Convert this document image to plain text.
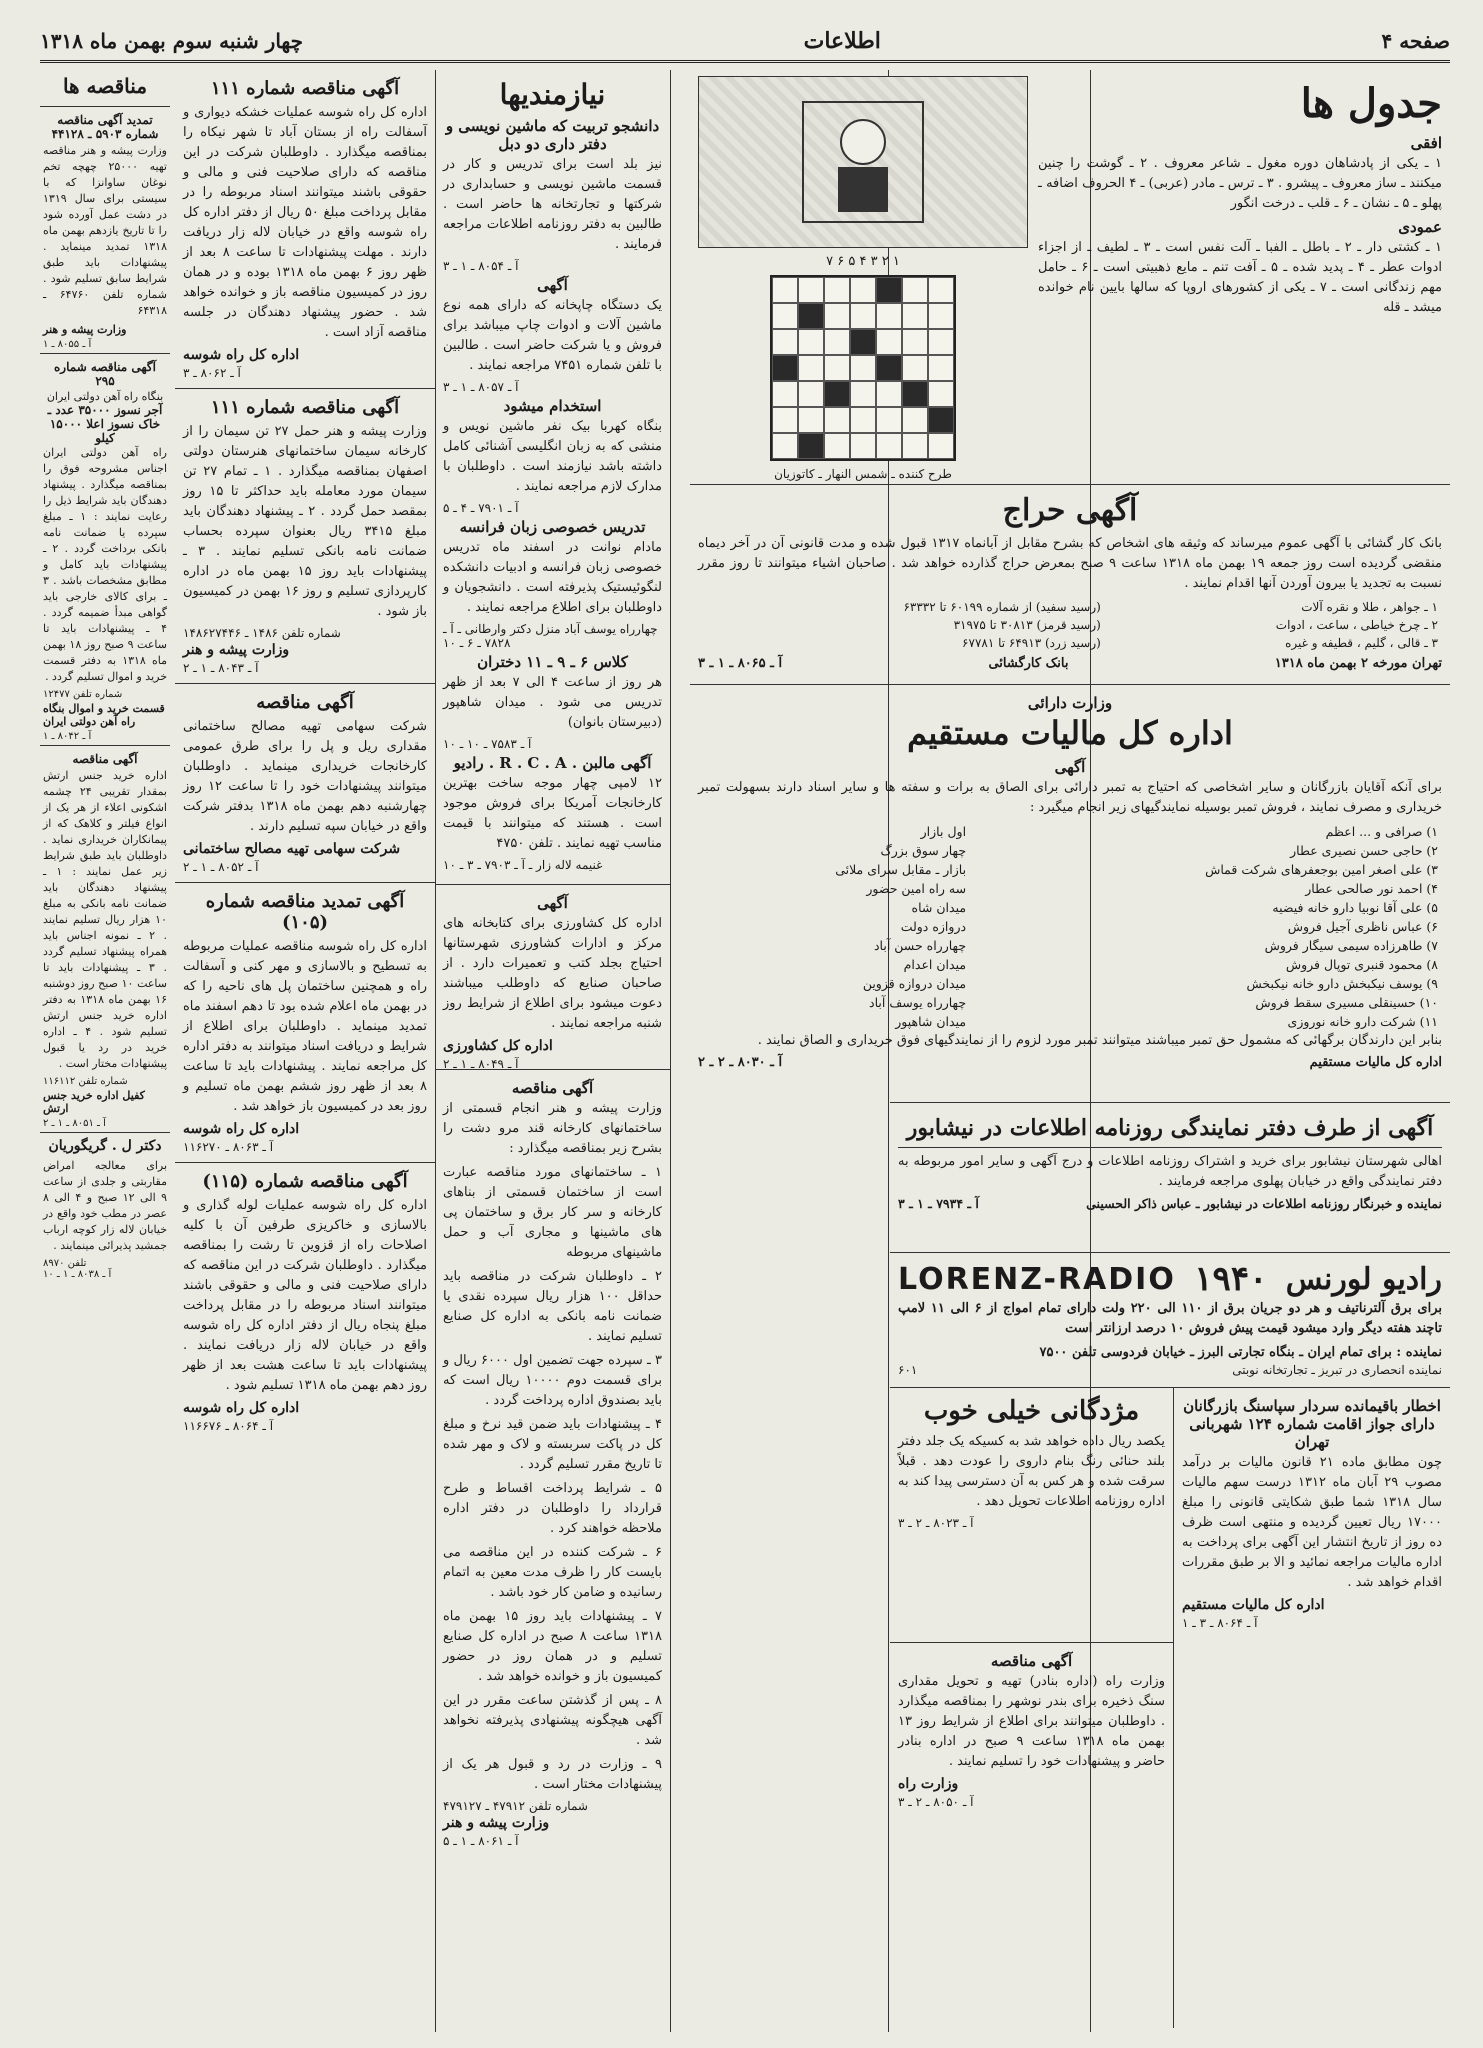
صفحه ۴
اطلاعات
چهار شنبه سوم بهمن ماه ۱۳۱۸
جدول ها
افقی

۱ ـ یکی از پادشاهان دوره مغول ـ شاعر معروف . ۲ ـ گوشت را چنین میکنند ـ ساز معروف ـ پیشرو . ۳ ـ ترس ـ مادر (عربی) ـ ۴ الحروف اضافه ـ پهلو ـ ۵ ـ نشان ـ ۶ ـ قلب ـ درخت انگور

عمودی

۱ ـ کشتی دار ـ ۲ ـ باطل ـ الفبا ـ آلت نفس است ـ ۳ ـ لطیف ـ از اجزاء ادوات عطر ـ ۴ ـ پدید شده ـ ۵ ـ آفت تنم ـ مایع ذهبیتی است ـ ۶ ـ حامل مهم زندگانی است ـ ۷ ـ یکی از کشورهای اروپا که سالها بایین نام خوانده میشد ـ قله

۷ ۶ ۵ ۴ ۳ ۲ ۱
طرح کننده ـ شمس النهار ـ کاتوزیان
آگهی حراج

بانک کار گشائی با آگهی عموم میرساند که وثیقه های اشخاص که بشرح مقابل از آبانماه ۱۳۱۷ قبول شده و مدت قانونی آن در آخر دیماه منقضی گردیده است روز جمعه ۱۹ بهمن ماه ۱۳۱۸ ساعت ۹ صبح بمعرض حراج گذارده خواهد شد . صاحبان اشیاء میتوانند تا روز مقرر نسبت به تجدید یا بیرون آوردن آنها اقدام نمایند .

۱ ـ جواهر ، طلا و نقره آلات	(رسید سفید) از شماره ۶۰۱۹۹ تا ۶۳۳۳۲
۲ ـ چرخ خیاطی ، ساعت ، ادوات	(رسید قرمز) ۳۰۸۱۳ تا ۳۱۹۷۵
۳ ـ قالی ، گلیم ، قطیفه و غیره	(رسید زرد) ۶۴۹۱۳ تا ۶۷۷۸۱
تهران مورخه ۲ بهمن ماه ۱۳۱۸
بانک کارگشائی
آ ـ ۸۰۶۵ ـ ۱ ـ ۳
وزارت دارائی
اداره کل مالیات مستقیم
آگهی

برای آنکه آقایان بازرگانان و سایر اشخاصی که احتیاج به تمبر دارائی برای الصاق به برات و سفته ها و سایر اسناد دارند بسهولت تمبر خریداری و مصرف نمایند ، فروش تمبر بوسیله نمایندگیهای زیر انجام میگیرد :

۱) صرافی و ... اعظم	اول بازار
۲) حاجی حسن نصیری عطار	چهار سوق بزرگ
۳) علی اصغر امین بوجعفرهای شرکت قماش	بازار ـ مقابل سرای ملائی
۴) احمد نور صالحی عطار	سه راه امین حضور
۵) علی آقا نوبیا دارو خانه فیضیه	میدان شاه
۶) عباس ناظری آجیل فروش	دروازه دولت
۷) طاهرزاده سیمی سیگار فروش	چهارراه حسن آباد
۸) محمود قنبری توپال فروش	میدان اعدام
۹) یوسف نیکبخش دارو خانه نیکبخش	میدان دروازه قزوین
۱۰) حسینقلی مسیری سقط فروش	چهارراه یوسف آباد
۱۱) شرکت دارو خانه نوروزی	میدان شاهپور

بنابر این دارندگان برگهائی که مشمول حق تمبر میباشند میتوانند تمبر مورد لزوم را از نمایندگیهای فوق خریداری و الصاق نمایند .

اداره کل مالیات مستقیم
آ ـ ۸۰۳۰ ـ ۲ ـ ۲
آگهی از طرف دفتر نمایندگی روزنامه اطلاعات در نیشابور

اهالی شهرستان نیشابور برای خرید و اشتراک روزنامه اطلاعات و درج آگهی و سایر امور مربوطه به دفتر نمایندگی واقع در خیابان پهلوی مراجعه فرمایند .

نماینده و خبرنگار روزنامه اطلاعات در نیشابور ـ عباس ذاکر الحسینی
آ ـ ۷۹۳۴ ـ ۱ ـ ۳
رادیو لورنس
۱۹۴۰
LORENZ-RADIO

برای برق آلترناتیف و هر دو جریان برق از ۱۱۰ الی ۲۲۰ ولت دارای تمام امواج از ۶ الی ۱۱ لامپ تاچند هفته دیگر وارد میشود قیمت پیش فروش ۱۰ درصد ارزانتر است

نماینده : برای تمام ایران ـ بنگاه تجارتی البرز ـ خیابان فردوسی تلفن ۷۵۰۰

نماینده انحصاری در تبریز ـ تجارتخانه نوبتی
۶۰۱
اخطار باقیمانده سردار سپاسنگ بازرگانان دارای جواز اقامت شماره ۱۲۴ شهربانی تهران

چون مطابق ماده ۲۱ قانون مالیات بر درآمد مصوب ۲۹ آبان ماه ۱۳۱۲ درست سهم مالیات سال ۱۳۱۸ شما طبق شکایتی قانونی را مبلغ ۱۷۰۰۰ ریال تعیین گردیده و منتهی است ظرف ده روز از تاریخ انتشار این آگهی برای پرداخت به اداره مالیات مراجعه نمائید و الا بر طبق مقررات اقدام خواهد شد .

اداره کل مالیات مستقیم
آ ـ ۸۰۶۴ ـ ۳ ـ ۱
مژدگانی خیلی خوب

یکصد ریال داده خواهد شد به کسیکه یک جلد دفتر بلند حنائی رنگ بنام داروی را عودت دهد . قبلاً سرقت شده و هر کس به آن دسترسی پیدا کند به اداره روزنامه اطلاعات تحویل دهد .

آ ـ ۸۰۲۳ ـ ۲ ـ ۳
آگهی مناقصه

وزارت راه (اداره بنادر) تهیه و تحویل مقداری سنگ ذخیره برای بندر نوشهر را بمناقصه میگذارد . داوطلبان میتوانند برای اطلاع از شرایط روز ۱۳ بهمن ماه ۱۳۱۸ ساعت ۹ صبح در اداره بنادر حاضر و پیشنهادات خود را تسلیم نمایند .

وزارت راه
آ ـ ۸۰۵۰ ـ ۲ ـ ۳
نیازمندیها
دانشجو تربیت که ماشین نویسی و دفتر داری دو دبل

نیز بلد است برای تدریس و کار در قسمت ماشین نویسی و حسابداری در شرکتها و تجارتخانه ها حاضر است . طالبین به دفتر روزنامه اطلاعات مراجعه فرمایند .

آ ـ ۸۰۵۴ ـ ۱ ـ ۳
آگهی

یک دستگاه چاپخانه که دارای همه نوع ماشین آلات و ادوات چاپ میباشد برای فروش و یا شرکت حاضر است . طالبین با تلفن شماره ۷۴۵۱ مراجعه نمایند .

آ ـ ۸۰۵۷ ـ ۱ ـ ۳
استخدام میشود

بنگاه کهربا بیک نفر ماشین نویس و منشی که به زبان انگلیسی آشنائی کامل داشته باشد نیازمند است . داوطلبان با مدارک لازم مراجعه نمایند .

آ ـ ۷۹۰۱ ـ ۴ ـ ۵
تدریس خصوصی زبان فرانسه

مادام نوانت در اسفند ماه تدریس خصوصی زبان فرانسه و ادبیات دانشکده لنگوئیستیک پذیرفته است . دانشجویان و داوطلبان برای اطلاع مراجعه نمایند .

چهارراه یوسف آباد منزل دکتر وارطانی ـ آ ـ ۷۸۲۸ ـ ۶ ـ ۱۰
کلاس ۶ ـ ۹ ـ ۱۱ دختران

هر روز از ساعت ۴ الی ۷ بعد از ظهر تدریس می شود . میدان شاهپور (دبیرستان بانوان)

آ ـ ۷۵۸۳ ـ ۱۰ ـ ۱۰
آگهی مالبن . R . C . A . رادیو

۱۲ لامپی چهار موجه ساخت بهترین کارخانجات آمریکا برای فروش موجود است . هستند که میتوانند با قیمت مناسب تهیه نمایند . تلفن ۴۷۵۰

غنیمه لاله زار ـ آ ـ ۷۹۰۳ ـ ۳ ـ ۱۰
آگهی

اداره کل کشاورزی برای کتابخانه های مرکز و ادارات کشاورزی شهرستانها احتیاج بجلد کتب و تعمیرات دارد . از صاحبان صنایع که داوطلب میباشند دعوت میشود برای اطلاع از شرایط روز شنبه مراجعه نمایند .

اداره کل کشاورزی
آ ـ ۸۰۴۹ ـ ۱ ـ ۲
آگهی مناقصه

وزارت پیشه و هنر انجام قسمتی از ساختمانهای کارخانه قند مرو دشت را بشرح زیر بمناقصه میگذارد :

۱ ـ ساختمانهای مورد مناقصه عبارت است از ساختمان قسمتی از بناهای کارخانه و سر کار برق و ساختمان پی های ماشینها و مجاری آب و حمل ماشینهای مربوطه

۲ ـ داوطلبان شرکت در مناقصه باید حداقل ۱۰۰ هزار ریال سپرده نقدی یا ضمانت نامه بانکی به اداره کل صنایع تسلیم نمایند .

۳ ـ سپرده جهت تضمین اول ۶۰۰۰ ریال و برای قسمت دوم ۱۰۰۰۰ ریال است که باید بصندوق اداره پرداخت گردد .

۴ ـ پیشنهادات باید ضمن قید نرخ و مبلغ کل در پاکت سربسته و لاک و مهر شده تا تاریخ مقرر تسلیم گردد .

۵ ـ شرایط پرداخت اقساط و طرح قرارداد را داوطلبان در دفتر اداره ملاحظه خواهند کرد .

۶ ـ شرکت کننده در این مناقصه می بایست کار را ظرف مدت معین به اتمام رسانیده و ضامن کار خود باشد .

۷ ـ پیشنهادات باید روز ۱۵ بهمن ماه ۱۳۱۸ ساعت ۸ صبح در اداره کل صنایع تسلیم و در همان روز در حضور کمیسیون باز و خوانده خواهد شد .

۸ ـ پس از گذشتن ساعت مقرر در این آگهی هیچگونه پیشنهادی پذیرفته نخواهد شد .

۹ ـ وزارت در رد و قبول هر یک از پیشنهادات مختار است .

شماره تلفن ۴۷۹۱۲ ـ ۴۷۹۱۲۷
وزارت پیشه و هنر
آ ـ ۸۰۶۱ ـ ۱ ـ ۵
آگهی مناقصه شماره ۱۱۱

اداره کل راه شوسه عملیات خشکه دیواری و آسفالت راه از بستان آباد تا شهر نیکاه را بمناقصه میگذارد . داوطلبان شرکت در این مناقصه که دارای صلاحیت فنی و مالی و حقوقی باشند میتوانند اسناد مربوطه را در مقابل پرداخت مبلغ ۵۰ ریال از دفتر اداره کل راه شوسه واقع در خیابان لاله زار دریافت دارند . مهلت پیشنهادات تا ساعت ۸ بعد از ظهر روز ۶ بهمن ماه ۱۳۱۸ بوده و در همان روز در کمیسیون مناقصه باز و خوانده خواهد شد . حضور پیشنهاد دهندگان در جلسه مناقصه آزاد است .

اداره کل راه شوسه
آ ـ ۸۰۶۲ ـ ۳
آگهی مناقصه شماره ۱۱۱

وزارت پیشه و هنر حمل ۲۷ تن سیمان را از کارخانه سیمان ساختمانهای هنرستان دولتی اصفهان بمناقصه میگذارد . ۱ ـ تمام ۲۷ تن سیمان مورد معامله باید حداکثر تا ۱۵ روز بمقصد حمل گردد . ۲ ـ پیشنهاد دهندگان باید مبلغ ۳۴۱۵ ریال بعنوان سپرده بحساب ضمانت نامه بانکی تسلیم نمایند . ۳ ـ پیشنهادات باید روز ۱۵ بهمن ماه در اداره کارپردازی تسلیم و روز ۱۶ بهمن در کمیسیون باز شود .

شماره تلفن ۱۴۸۶ ـ ۱۴۸۶۲۷۴۴۶
وزارت پیشه و هنر
آ ـ ۸۰۴۳ ـ ۱ ـ ۲
آگهی مناقصه

شرکت سهامی تهیه مصالح ساختمانی مقداری ریل و پل را برای طرق عمومی کارخانجات خریداری مینماید . داوطلبان میتوانند پیشنهادات خود را تا ساعت ۱۲ روز چهارشنبه دهم بهمن ماه ۱۳۱۸ بدفتر شرکت واقع در خیابان سپه تسلیم دارند .

شرکت سهامی تهیه مصالح ساختمانی
آ ـ ۸۰۵۲ ـ ۱ ـ ۲
آگهی تمدید مناقصه شماره (۱۰۵)

اداره کل راه شوسه مناقصه عملیات مربوطه به تسطیح و بالاسازی و مهر کنی و آسفالت راه و همچنین ساختمان پل های ناحیه را که در بهمن ماه اعلام شده بود تا دهم اسفند ماه تمدید مینماید . داوطلبان برای اطلاع از شرایط و دریافت اسناد میتوانند به دفتر اداره کل مراجعه نمایند . پیشنهادات باید تا ساعت ۸ بعد از ظهر روز ششم بهمن ماه تسلیم و روز بعد در کمیسیون باز خواهد شد .

اداره کل راه شوسه
آ ـ ۸۰۶۳ ـ ۱۱۶۲۷۰
آگهی مناقصه شماره (۱۱۵)

اداره کل راه شوسه عملیات لوله گذاری و بالاسازی و خاکریزی طرفین آن با کلیه اصلاحات راه از قزوین تا رشت را بمناقصه میگذارد . داوطلبان شرکت در این مناقصه که دارای صلاحیت فنی و مالی و حقوقی باشند میتوانند اسناد مربوطه را در مقابل پرداخت مبلغ پنجاه ریال از دفتر اداره کل راه شوسه واقع در خیابان لاله زار دریافت نمایند . پیشنهادات باید تا ساعت هشت بعد از ظهر روز دهم بهمن ماه ۱۳۱۸ تسلیم شود .

اداره کل راه شوسه
آ ـ ۸۰۶۴ ـ ۱۱۶۶۷۶
مناقصه ها
تمدید آگهی مناقصه شماره ۵۹۰۳ ـ ۴۴۱۲۸

وزارت پیشه و هنر مناقصه تهیه ۲۵۰۰۰ چهچه تخم نوغان ساوانزا که با سیستی برای سال ۱۳۱۹ در دشت عمل آورده شود را تا تاریخ یازدهم بهمن ماه ۱۳۱۸ تمدید مینماید . پیشنهادات باید طبق شرایط سابق تسلیم شود . شماره تلفن ۶۴۷۶۰ ـ ۶۴۳۱۸

وزارت پیشه و هنر
آ ـ ۸۰۵۵ ـ ۱
آگهی مناقصه شماره ۲۹۵
بنگاه راه آهن دولتی ایران
آجر نسوز ۳۵۰۰۰ عدد ـ خاک نسوز اعلا ۱۵۰۰۰ کیلو

راه آهن دولتی ایران اجناس مشروحه فوق را بمناقصه میگذارد . پیشنهاد دهندگان باید شرایط ذیل را رعایت نمایند : ۱ ـ مبلغ سپرده یا ضمانت نامه بانکی برداخت گردد . ۲ ـ پیشنهادات باید کامل و مطابق مشخصات باشد . ۳ ـ برای کالای خارجی باید گواهی مبدأ ضمیمه گردد . ۴ ـ پیشنهادات باید تا ساعت ۹ صبح روز ۱۸ بهمن ماه ۱۳۱۸ به دفتر قسمت خرید و اموال تسلیم گردد .

شماره تلفن ۱۲۴۷۷
قسمت خرید و اموال بنگاه راه آهن دولتی ایران
آ ـ ۸۰۴۲ ـ ۱
آگهی مناقصه

اداره خرید جنس ارتش بمقدار تقریبی ۲۴ چشمه اشکونی اعلاء از هر یک از انواع فیلتر و کلاهک که از پیمانکاران خریداری نماید . داوطلبان باید طبق شرایط زیر عمل نمایند : ۱ ـ پیشنهاد دهندگان باید ضمانت نامه بانکی به مبلغ ۱۰ هزار ریال تسلیم نمایند . ۲ ـ نمونه اجناس باید همراه پیشنهاد تسلیم گردد . ۳ ـ پیشنهادات باید تا ساعت ۱۰ صبح روز دوشنبه ۱۶ بهمن ماه ۱۳۱۸ به دفتر اداره خرید جنس ارتش تسلیم شود . ۴ ـ اداره خرید در رد یا قبول پیشنهادات مختار است .

شماره تلفن ۱۱۶۱۱۲
کفیل اداره خرید جنس ارتش
آ ـ ۸۰۵۱ ـ ۱ ـ ۲
دکتر ل . گریگوریان

برای معالجه امراض مقاربتی و جلدی از ساعت ۹ الی ۱۲ صبح و ۴ الی ۸ عصر در مطب خود واقع در خیابان لاله زار کوچه ارباب جمشید پذیرائی مینمایند .

تلفن ۸۹۷۰
آ ـ ۸۰۳۸ ـ ۱ ـ ۱۰
